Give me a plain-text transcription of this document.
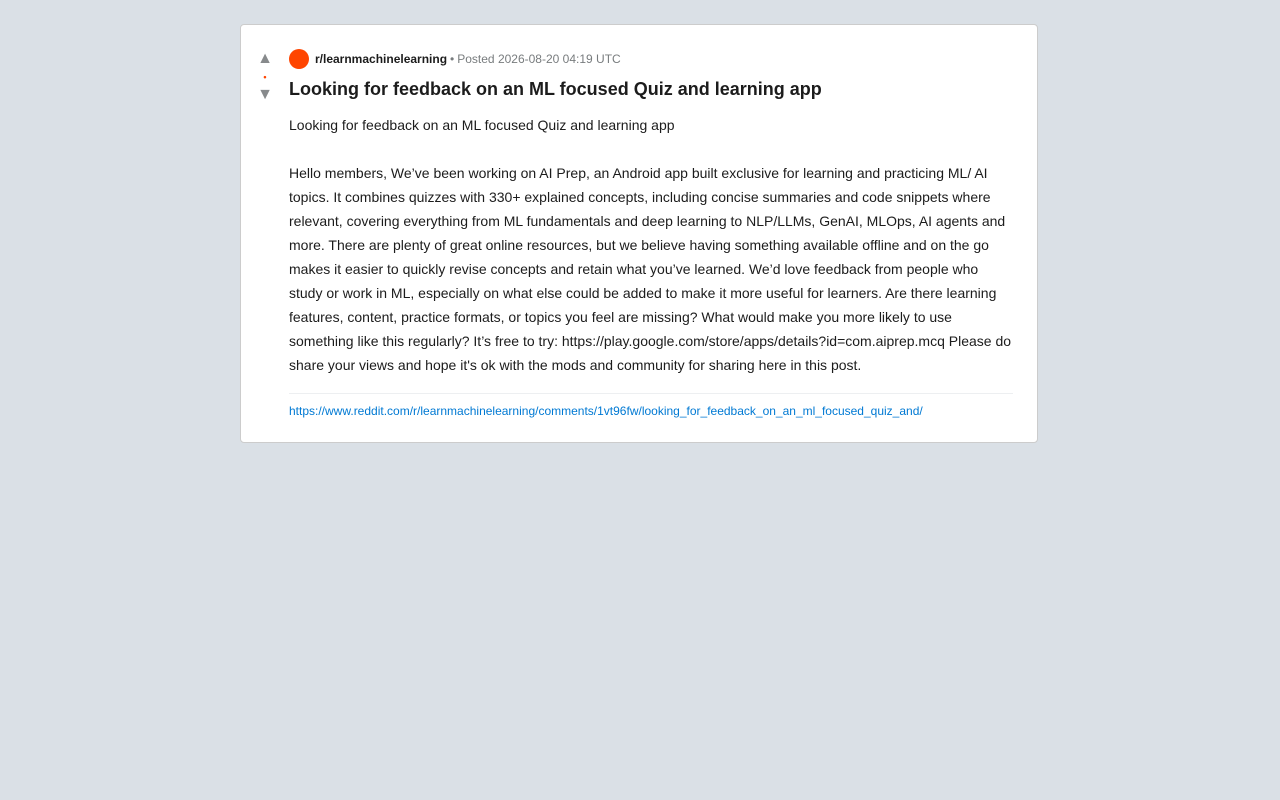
▲
•
▼
r/learnmachinelearning • Posted 2026-08-20 04:19 UTC
Looking for feedback on an ML focused Quiz and learning app

Looking for feedback on an ML focused Quiz and learning app

Hello members, We’ve been working on AI Prep, an Android app built exclusive for learning and practicing ML/ AI topics. It combines quizzes with 330+ explained concepts, including concise summaries and code snippets where relevant, covering everything from ML fundamentals and deep learning to NLP/LLMs, GenAI, MLOps, AI agents and more. There are plenty of great online resources, but we believe having something available offline and on the go makes it easier to quickly revise concepts and retain what you’ve learned. We’d love feedback from people who study or work in ML, especially on what else could be added to make it more useful for learners. Are there learning features, content, practice formats, or topics you feel are missing? What would make you more likely to use something like this regularly? It’s free to try: https://play.google.com/store/apps/details?id=com.aiprep.mcq Please do share your views and hope it's ok with the mods and community for sharing here in this post.

https://www.reddit.com/r/learnmachinelearning/comments/1vt96fw/looking_for_feedback_on_an_ml_focused_quiz_and/
